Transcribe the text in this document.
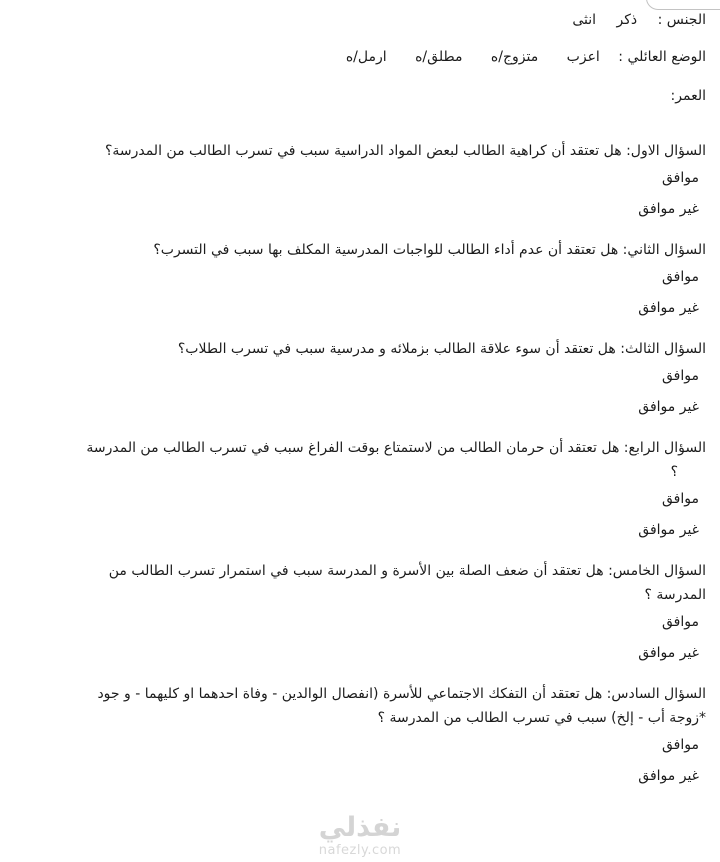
الجنس : ذكر انثى
الوضع العائلي : اعزب متزوج/ه مطلق/ه ارمل/ه
العمر:
السؤال الاول: هل تعتقد أن كراهية الطالب لبعض المواد الدراسية سبب في تسرب الطالب من المدرسة؟
موافق
غير موافق
السؤال الثاني: هل تعتقد أن عدم أداء الطالب للواجبات المدرسية المكلف بها سبب في التسرب؟
موافق
غير موافق
السؤال الثالث: هل تعتقد أن سوء علاقة الطالب بزملائه و مدرسية سبب في تسرب الطلاب؟
موافق
غير موافق
السؤال الرابع: هل تعتقد أن حرمان الطالب من لاستمتاع بوقت الفراغ سبب في تسرب الطالب من المدرسة
؟
موافق
غير موافق
السؤال الخامس: هل تعتقد أن ضعف الصلة بين الأسرة و المدرسة سبب في استمرار تسرب الطالب من
المدرسة ؟
موافق
غير موافق
السؤال السادس: هل تعتقد أن التفكك الاجتماعي للأسرة (انفصال الوالدين - وفاة احدهما او كليهما - و جود
*زوجة أب - إلخ) سبب في تسرب الطالب من المدرسة ؟
موافق
غير موافق
نفذلي
nafezly.com
